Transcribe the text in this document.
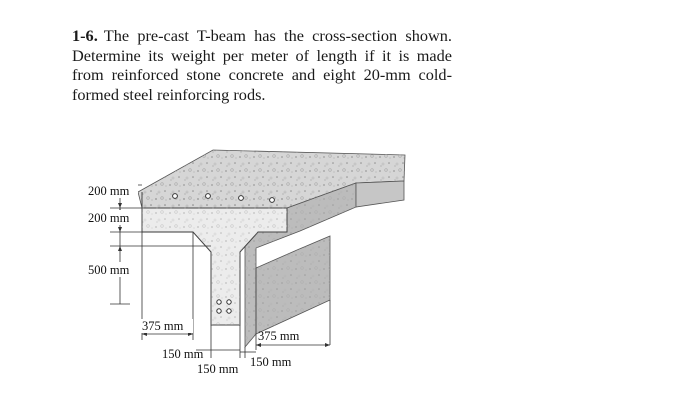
1-6. The pre-cast T-beam has the cross-section shown. Determine its weight per meter of length if it is made from reinforced stone concrete and eight 20-mm cold-formed steel reinforcing rods.
200 mm
200 mm
500 mm
375 mm
375 mm
150 mm
150 mm 150 mm
